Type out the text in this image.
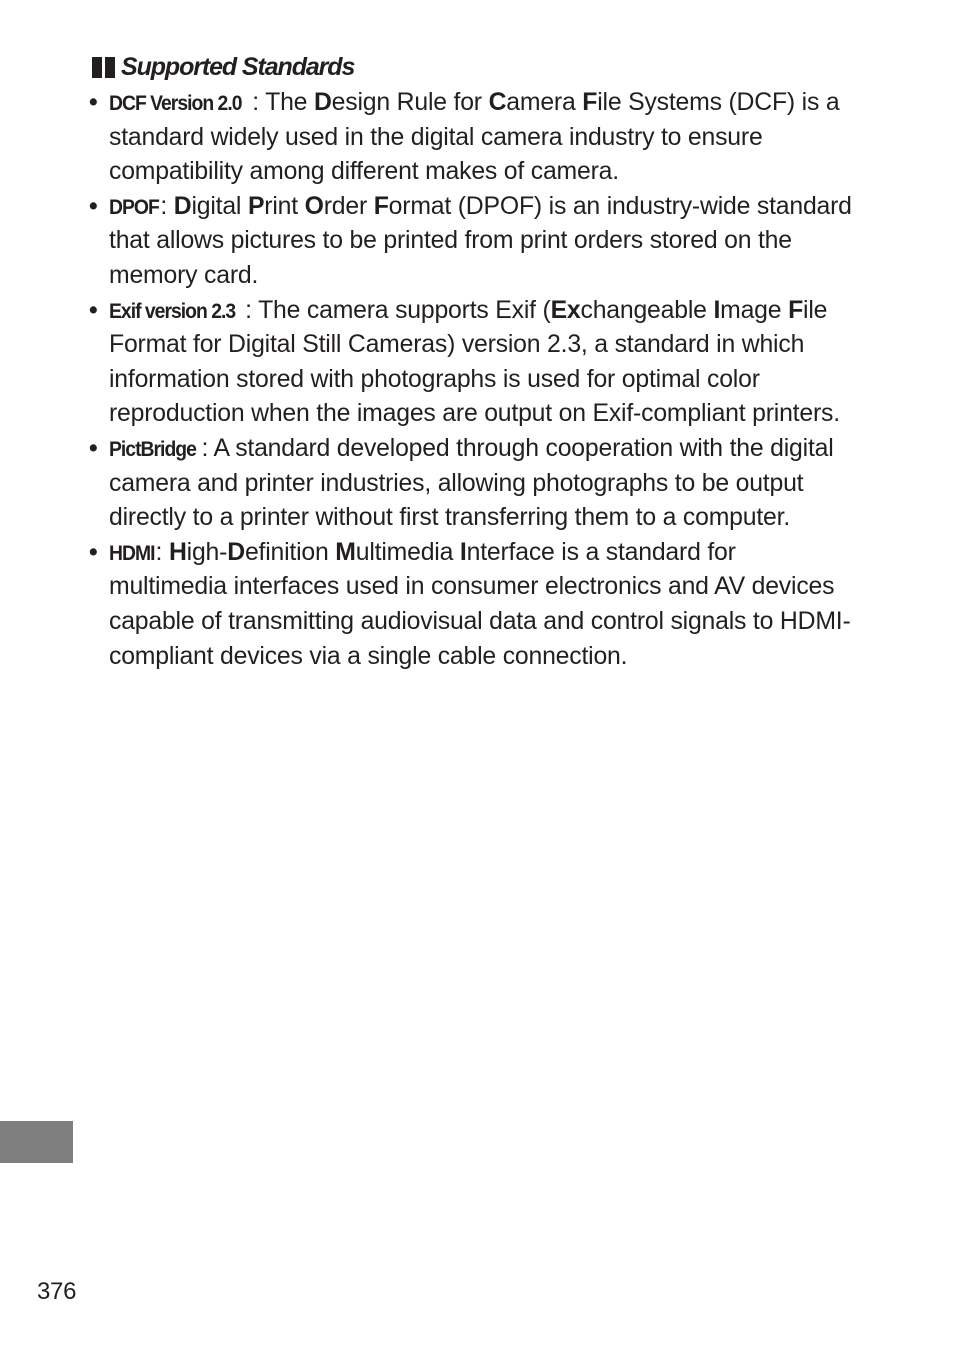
Supported Standards
• DCF Version 2.0 : The Design Rule for Camera File Systems (DCF) is a standard widely used in the digital camera industry to ensure compatibility among different makes of camera.
• DPOF: Digital Print Order Format (DPOF) is an industry-wide standard that allows pictures to be printed from print orders stored on the memory card.
• Exif version 2.3 : The camera supports Exif (Exchangeable Image File Format for Digital Still Cameras) version 2.3, a standard in which information stored with photographs is used for optimal color reproduction when the images are output on Exif-compliant printers.
• PictBridge : A standard developed through cooperation with the digital camera and printer industries, allowing photographs to be output directly to a printer without first transferring them to a computer.
• HDMI: High-Definition Multimedia Interface is a standard for multimedia interfaces used in consumer electronics and AV devices capable of transmitting audiovisual data and control signals to HDMI-compliant devices via a single cable connection.
376
